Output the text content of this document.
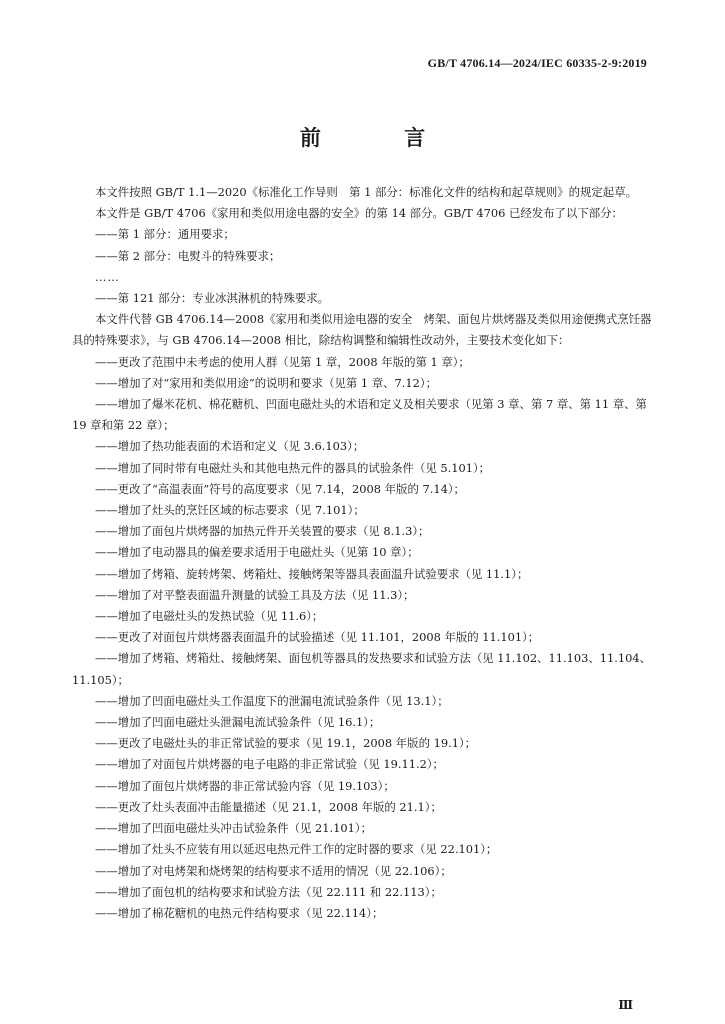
GB/T 4706.14—2024/IEC 60335-2-9:2019
前 言
本文件按照 GB/T 1.1—2020《标准化工作导则　第 1 部分：标准化文件的结构和起草规则》的规定起草。
本文件是 GB/T 4706《家用和类似用途电器的安全》的第 14 部分。GB/T 4706 已经发布了以下部分：
——第 1 部分：通用要求；
——第 2 部分：电熨斗的特殊要求；
……
——第 121 部分：专业冰淇淋机的特殊要求。
本文件代替 GB 4706.14—2008《家用和类似用途电器的安全　烤架、面包片烘烤器及类似用途便携式烹饪器具的特殊要求》，与 GB 4706.14—2008 相比，除结构调整和编辑性改动外，主要技术变化如下：
——更改了范围中未考虑的使用人群（见第 1 章，2008 年版的第 1 章）；
——增加了对“家用和类似用途”的说明和要求（见第 1 章、7.12）；
——增加了爆米花机、棉花糖机、凹面电磁灶头的术语和定义及相关要求（见第 3 章、第 7 章、第 11 章、第 19 章和第 22 章）；
——增加了热功能表面的术语和定义（见 3.6.103）；
——增加了同时带有电磁灶头和其他电热元件的器具的试验条件（见 5.101）；
——更改了“高温表面”符号的高度要求（见 7.14，2008 年版的 7.14）；
——增加了灶头的烹饪区域的标志要求（见 7.101）；
——增加了面包片烘烤器的加热元件开关装置的要求（见 8.1.3）；
——增加了电动器具的偏差要求适用于电磁灶头（见第 10 章）；
——增加了烤箱、旋转烤架、烤箱灶、接触烤架等器具表面温升试验要求（见 11.1）；
——增加了对平整表面温升测量的试验工具及方法（见 11.3）；
——增加了电磁灶头的发热试验（见 11.6）；
——更改了对面包片烘烤器表面温升的试验描述（见 11.101，2008 年版的 11.101）；
——增加了烤箱、烤箱灶、接触烤架、面包机等器具的发热要求和试验方法（见 11.102、11.103、11.104、11.105）；
——增加了凹面电磁灶头工作温度下的泄漏电流试验条件（见 13.1）；
——增加了凹面电磁灶头泄漏电流试验条件（见 16.1）；
——更改了电磁灶头的非正常试验的要求（见 19.1，2008 年版的 19.1）；
——增加了对面包片烘烤器的电子电路的非正常试验（见 19.11.2）；
——增加了面包片烘烤器的非正常试验内容（见 19.103）；
——更改了灶头表面冲击能量描述（见 21.1，2008 年版的 21.1）；
——增加了凹面电磁灶头冲击试验条件（见 21.101）；
——增加了灶头不应装有用以延迟电热元件工作的定时器的要求（见 22.101）；
——增加了对电烤架和烧烤架的结构要求不适用的情况（见 22.106）；
——增加了面包机的结构要求和试验方法（见 22.111 和 22.113）；
——增加了棉花糖机的电热元件结构要求（见 22.114）；
Ⅲ
